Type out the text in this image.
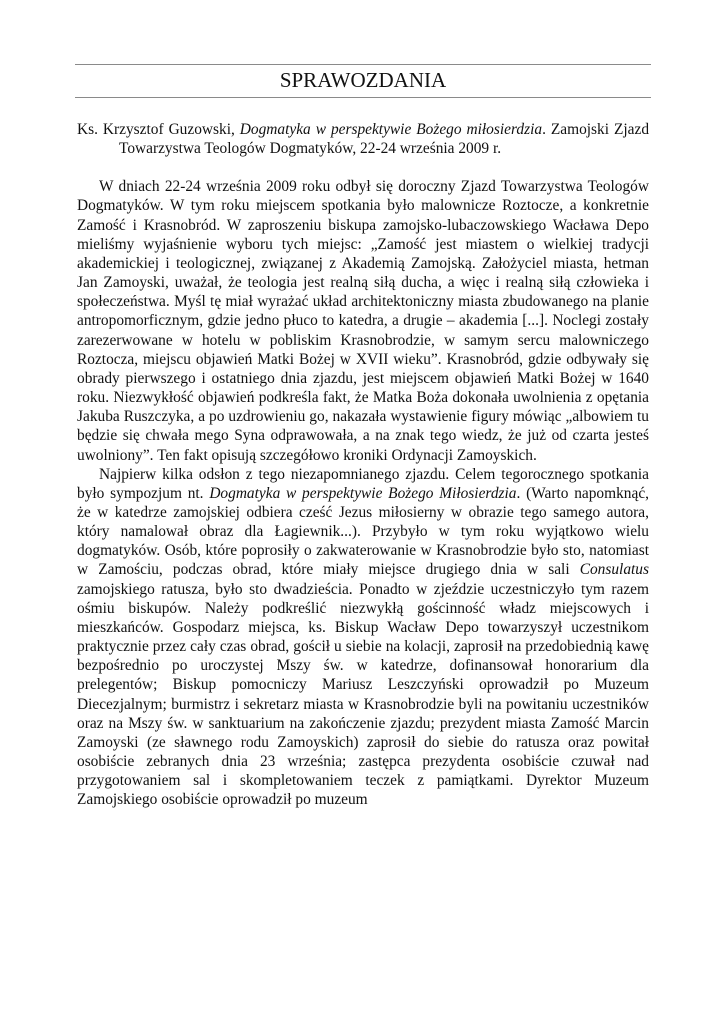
SPRAWOZDANIA

Ks. Krzysztof Guzowski, Dogmatyka w perspektywie Bożego miłosierdzia. Zamojski Zjazd Towarzystwa Teologów Dogmatyków, 22-24 września 2009 r.

W dniach 22-24 września 2009 roku odbył się doroczny Zjazd Towarzystwa Teologów Dogmatyków. W tym roku miejscem spotkania było malownicze Roztocze, a konkretnie Zamość i Krasnobród. W zaproszeniu biskupa zamojsko-lubaczowskiego Wacława Depo mieliśmy wyjaśnienie wyboru tych miejsc: „Zamość jest miastem o wielkiej tradycji akademickiej i teologicznej, związanej z Akademią Zamojską. Założyciel miasta, hetman Jan Zamoyski, uważał, że teologia jest realną siłą ducha, a więc i realną siłą człowieka i społeczeństwa. Myśl tę miał wyrażać układ architektoniczny miasta zbudowanego na planie antropomorficznym, gdzie jedno płuco to katedra, a drugie – akademia [...]. Noclegi zostały zarezerwowane w hotelu w pobliskim Krasnobrodzie, w samym sercu malowniczego Roztocza, miejscu objawień Matki Bożej w XVII wieku”. Krasnobród, gdzie odbywały się obrady pierwszego i ostatniego dnia zjazdu, jest miejscem objawień Matki Bożej w 1640 roku. Niezwykłość objawień podkreśla fakt, że Matka Boża dokonała uwolnienia z opętania Jakuba Ruszczyka, a po uzdrowieniu go, nakazała wystawienie figury mówiąc „albowiem tu będzie się chwała mego Syna odprawowała, a na znak tego wiedz, że już od czarta jesteś uwolniony”. Ten fakt opisują szczegółowo kroniki Ordynacji Zamoyskich.

Najpierw kilka odsłon z tego niezapomnianego zjazdu. Celem tegorocznego spotkania było sympozjum nt. Dogmatyka w perspektywie Bożego Miłosierdzia. (Warto napomknąć, że w katedrze zamojskiej odbiera cześć Jezus miłosierny w obrazie tego samego autora, który namalował obraz dla Łagiewnik...). Przybyło w tym roku wyjątkowo wielu dogmatyków. Osób, które poprosiły o zakwaterowanie w Krasnobrodzie było sto, natomiast w Zamościu, podczas obrad, które miały miejsce drugiego dnia w sali Consulatus zamojskiego ratusza, było sto dwadzieścia. Ponadto w zjeździe uczestniczyło tym razem ośmiu biskupów. Należy podkreślić niezwykłą gościnność władz miejscowych i mieszkańców. Gospodarz miejsca, ks. Biskup Wacław Depo towarzyszył uczestnikom praktycznie przez cały czas obrad, gościł u siebie na kolacji, zaprosił na przedobiednią kawę bezpośrednio po uroczystej Mszy św. w katedrze, dofinansował honorarium dla prelegentów; Biskup pomocniczy Mariusz Leszczyński oprowadził po Muzeum Diecezjalnym; burmistrz i sekretarz miasta w Krasnobrodzie byli na powitaniu uczestników oraz na Mszy św. w sanktuarium na zakończenie zjazdu; prezydent miasta Zamość Marcin Zamoyski (ze sławnego rodu Zamoyskich) zaprosił do siebie do ratusza oraz powitał osobiście zebranych dnia 23 września; zastępca prezydenta osobiście czuwał nad przygotowaniem sal i skompletowaniem teczek z pamiątkami. Dyrektor Muzeum Zamojskiego osobiście oprowadził po muzeum
